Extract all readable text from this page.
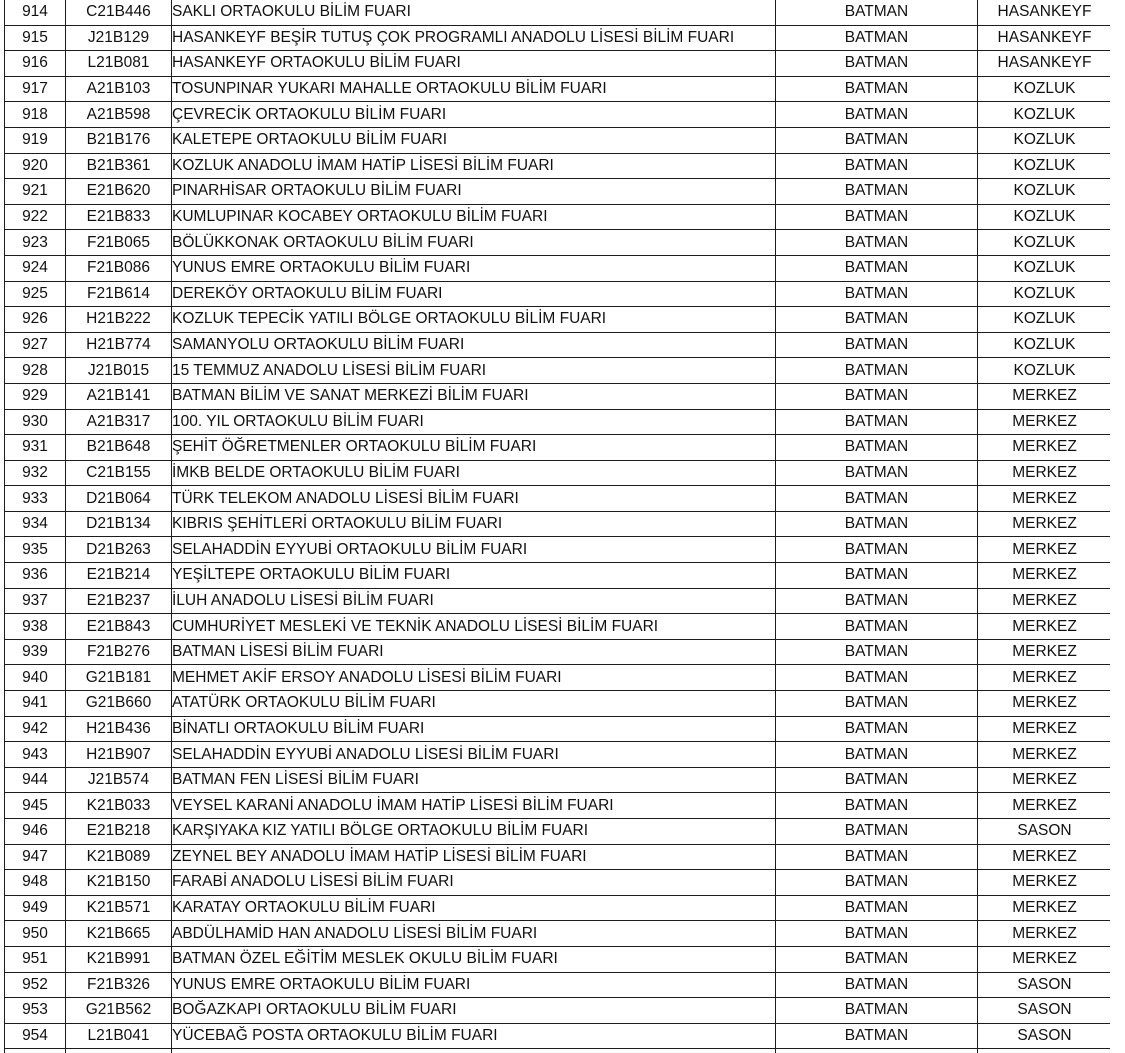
914	C21B446	SAKLI ORTAOKULU BİLİM FUARI	BATMAN	HASANKEYF
915	J21B129	HASANKEYF BEŞİR TUTUŞ ÇOK PROGRAMLI ANADOLU LİSESİ BİLİM FUARI	BATMAN	HASANKEYF
916	L21B081	HASANKEYF ORTAOKULU BİLİM FUARI	BATMAN	HASANKEYF
917	A21B103	TOSUNPINAR YUKARI MAHALLE ORTAOKULU BİLİM FUARI	BATMAN	KOZLUK
918	A21B598	ÇEVRECİK ORTAOKULU BİLİM FUARI	BATMAN	KOZLUK
919	B21B176	KALETEPE ORTAOKULU BİLİM FUARI	BATMAN	KOZLUK
920	B21B361	KOZLUK ANADOLU İMAM HATİP LİSESİ BİLİM FUARI	BATMAN	KOZLUK
921	E21B620	PINARHİSAR ORTAOKULU BİLİM FUARI	BATMAN	KOZLUK
922	E21B833	KUMLUPINAR KOCABEY ORTAOKULU BİLİM FUARI	BATMAN	KOZLUK
923	F21B065	BÖLÜKKONAK ORTAOKULU BİLİM FUARI	BATMAN	KOZLUK
924	F21B086	YUNUS EMRE ORTAOKULU BİLİM FUARI	BATMAN	KOZLUK
925	F21B614	DEREKÖY ORTAOKULU BİLİM FUARI	BATMAN	KOZLUK
926	H21B222	KOZLUK TEPECİK YATILI BÖLGE ORTAOKULU BİLİM FUARI	BATMAN	KOZLUK
927	H21B774	SAMANYOLU ORTAOKULU BİLİM FUARI	BATMAN	KOZLUK
928	J21B015	15 TEMMUZ ANADOLU LİSESİ BİLİM FUARI	BATMAN	KOZLUK
929	A21B141	BATMAN BİLİM VE SANAT MERKEZİ BİLİM FUARI	BATMAN	MERKEZ
930	A21B317	100. YIL ORTAOKULU BİLİM FUARI	BATMAN	MERKEZ
931	B21B648	ŞEHİT ÖĞRETMENLER ORTAOKULU BİLİM FUARI	BATMAN	MERKEZ
932	C21B155	İMKB BELDE ORTAOKULU BİLİM FUARI	BATMAN	MERKEZ
933	D21B064	TÜRK TELEKOM ANADOLU LİSESİ BİLİM FUARI	BATMAN	MERKEZ
934	D21B134	KIBRIS ŞEHİTLERİ ORTAOKULU BİLİM FUARI	BATMAN	MERKEZ
935	D21B263	SELAHADDİN EYYUBİ ORTAOKULU BİLİM FUARI	BATMAN	MERKEZ
936	E21B214	YEŞİLTEPE ORTAOKULU BİLİM FUARI	BATMAN	MERKEZ
937	E21B237	İLUH ANADOLU LİSESİ BİLİM FUARI	BATMAN	MERKEZ
938	E21B843	CUMHURİYET MESLEKİ VE TEKNİK ANADOLU LİSESİ BİLİM FUARI	BATMAN	MERKEZ
939	F21B276	BATMAN LİSESİ BİLİM FUARI	BATMAN	MERKEZ
940	G21B181	MEHMET AKİF ERSOY ANADOLU LİSESİ BİLİM FUARI	BATMAN	MERKEZ
941	G21B660	ATATÜRK ORTAOKULU BİLİM FUARI	BATMAN	MERKEZ
942	H21B436	BİNATLI ORTAOKULU BİLİM FUARI	BATMAN	MERKEZ
943	H21B907	SELAHADDİN EYYUBİ ANADOLU LİSESİ BİLİM FUARI	BATMAN	MERKEZ
944	J21B574	BATMAN FEN LİSESİ BİLİM FUARI	BATMAN	MERKEZ
945	K21B033	VEYSEL KARANİ ANADOLU İMAM HATİP LİSESİ BİLİM FUARI	BATMAN	MERKEZ
946	E21B218	KARŞIYAKA KIZ YATILI BÖLGE ORTAOKULU BİLİM FUARI	BATMAN	SASON
947	K21B089	ZEYNEL BEY ANADOLU İMAM HATİP LİSESİ BİLİM FUARI	BATMAN	MERKEZ
948	K21B150	FARABİ ANADOLU LİSESİ BİLİM FUARI	BATMAN	MERKEZ
949	K21B571	KARATAY ORTAOKULU BİLİM FUARI	BATMAN	MERKEZ
950	K21B665	ABDÜLHAMİD HAN ANADOLU LİSESİ BİLİM FUARI	BATMAN	MERKEZ
951	K21B991	BATMAN ÖZEL EĞİTİM MESLEK OKULU BİLİM FUARI	BATMAN	MERKEZ
952	F21B326	YUNUS EMRE ORTAOKULU BİLİM FUARI	BATMAN	SASON
953	G21B562	BOĞAZKAPI ORTAOKULU BİLİM FUARI	BATMAN	SASON
954	L21B041	YÜCEBAĞ POSTA ORTAOKULU BİLİM FUARI	BATMAN	SASON
